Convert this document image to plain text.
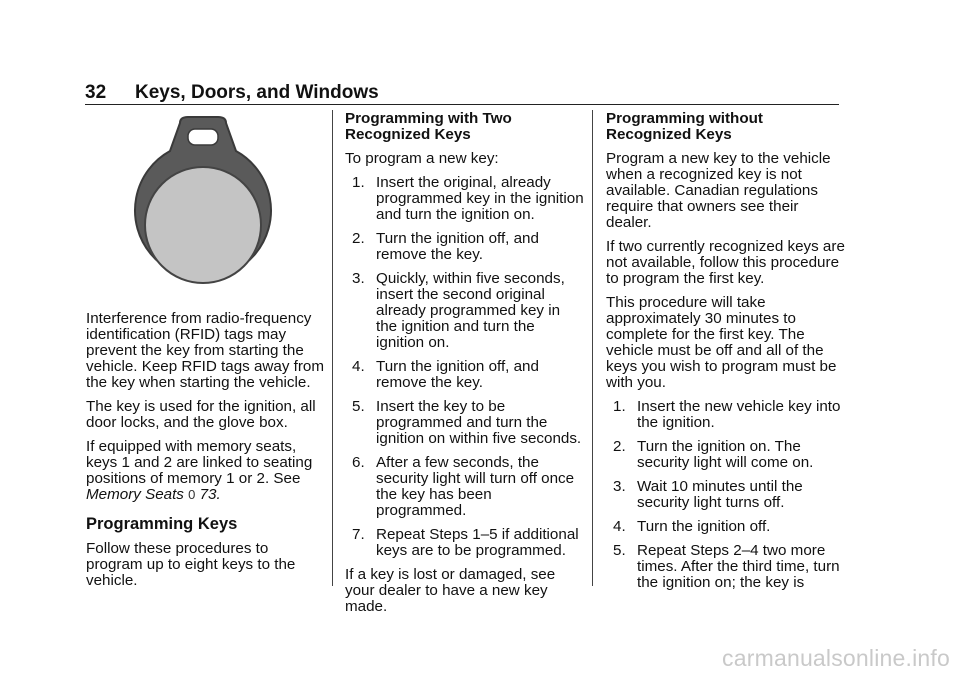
32 Keys, Doors, and Windows

Interference from radio-frequency identification (RFID) tags may prevent the key from starting the vehicle. Keep RFID tags away from the key when starting the vehicle.

The key is used for the ignition, all door locks, and the glove box.

If equipped with memory seats, keys 1 and 2 are linked to seating positions of memory 1 or 2. See Memory Seats 0 73.

Programming Keys

Follow these procedures to program up to eight keys to the vehicle.

Programming with Two Recognized Keys

To program a new key:

1. Insert the original, already programmed key in the ignition and turn the ignition on.
2. Turn the ignition off, and remove the key.
3. Quickly, within five seconds, insert the second original already programmed key in the ignition and turn the ignition on.
4. Turn the ignition off, and remove the key.
5. Insert the key to be programmed and turn the ignition on within five seconds.
6. After a few seconds, the security light will turn off once the key has been programmed.
7. Repeat Steps 1–5 if additional keys are to be programmed.

If a key is lost or damaged, see your dealer to have a new key made.

Programming without Recognized Keys

Program a new key to the vehicle when a recognized key is not available. Canadian regulations require that owners see their dealer.

If two currently recognized keys are not available, follow this procedure to program the first key.

This procedure will take approximately 30 minutes to complete for the first key. The vehicle must be off and all of the keys you wish to program must be with you.

1. Insert the new vehicle key into the ignition.
2. Turn the ignition on. The security light will come on.
3. Wait 10 minutes until the security light turns off.
4. Turn the ignition off.
5. Repeat Steps 2–4 two more times. After the third time, turn the ignition on; the key is
carmanualsonline.info
